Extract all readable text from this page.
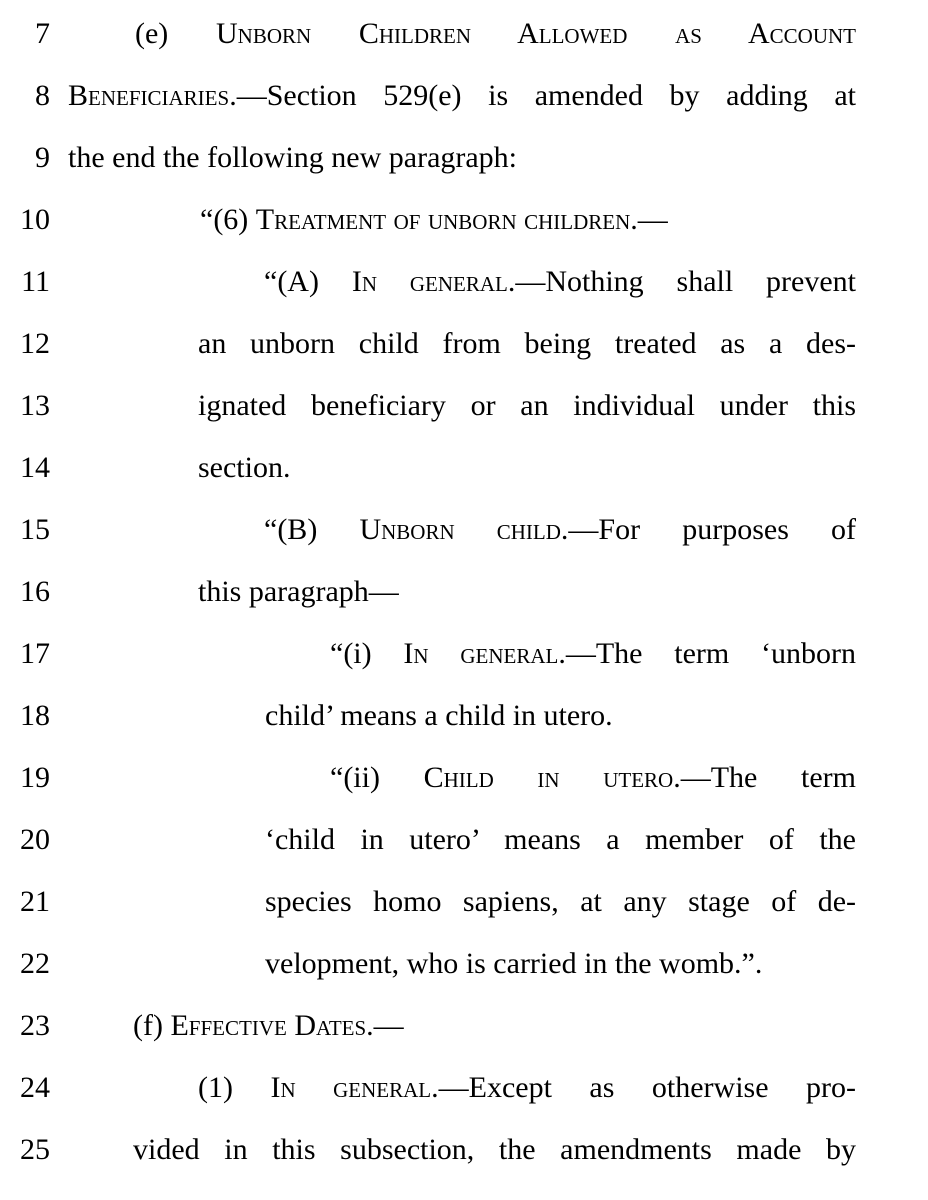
7	(e) Unborn Children Allowed as Account
8 Beneficiaries.—Section 529(e) is amended by adding at
9 the end the following new paragraph:
10	“(6) Treatment of unborn children.—
11	“(A) In general.—Nothing shall prevent
12	an unborn child from being treated as a des-
13	ignated beneficiary or an individual under this
14	section.
15	“(B) Unborn child.—For purposes of
16	this paragraph—
17	“(i) In general.—The term ‘unborn
18	child’ means a child in utero.
19	“(ii) Child in utero.—The term
20	‘child in utero’ means a member of the
21	species homo sapiens, at any stage of de-
22	velopment, who is carried in the womb.”.
23	(f) Effective Dates.—
24	(1) In general.—Except as otherwise pro-
25	vided in this subsection, the amendments made by
